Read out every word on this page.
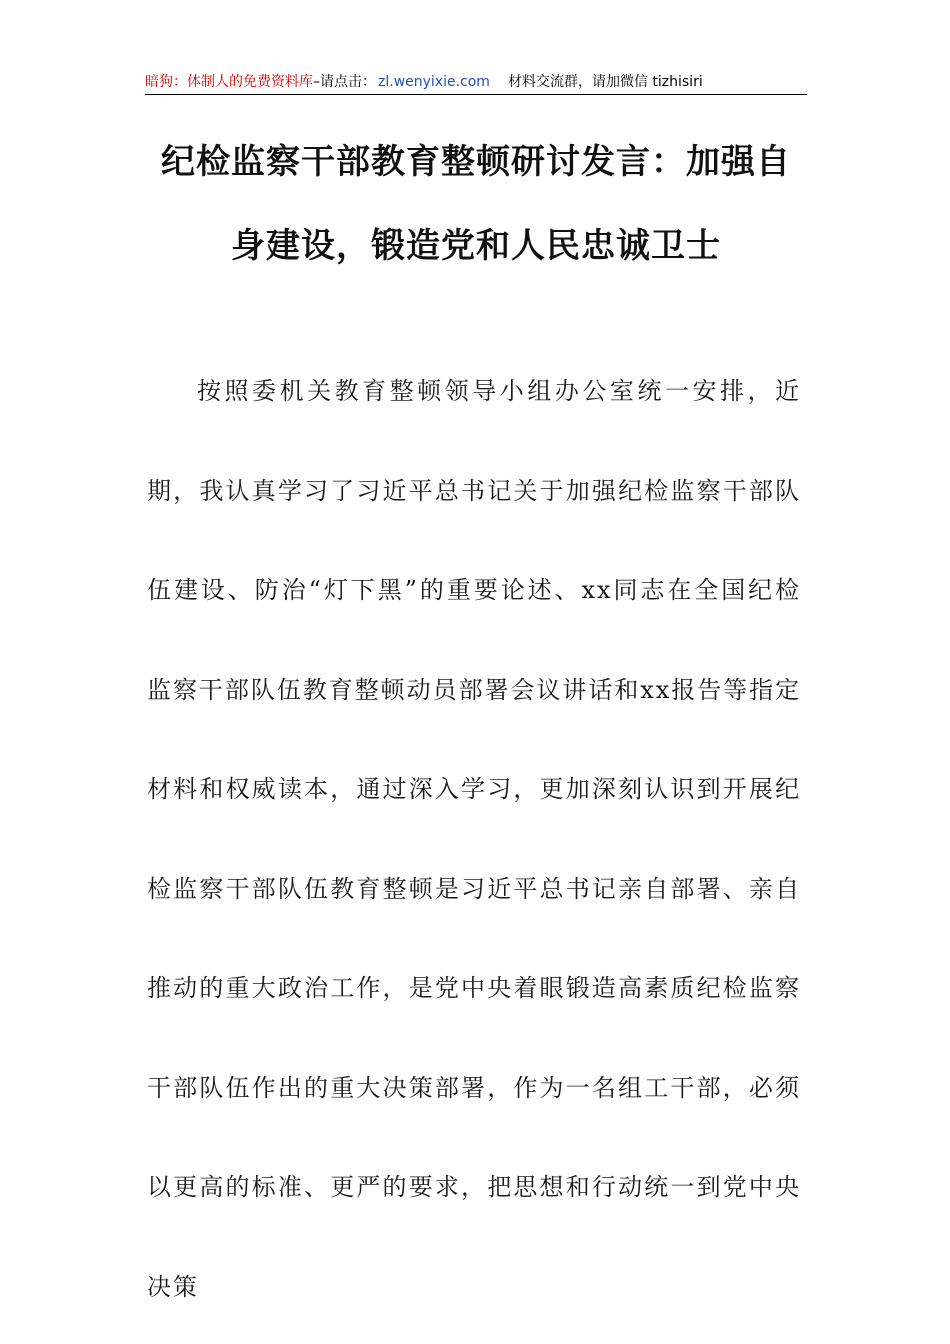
暗狗：体制人的免费资料库–请点击： zl.wenyixie.com 材料交流群，请加微信 tizhisiri
纪检监察干部教育整顿研讨发言：加强自身建设，锻造党和人民忠诚卫士

按照委机关教育整顿领导小组办公室统一安排，近期，我认真学习了习近平总书记关于加强纪检监察干部队伍建设、防治“灯下黑”的重要论述、xx同志在全国纪检监察干部队伍教育整顿动员部署会议讲话和xx报告等指定材料和权威读本，通过深入学习，更加深刻认识到开展纪检监察干部队伍教育整顿是习近平总书记亲自部署、亲自推动的重大政治工作，是党中央着眼锻造高素质纪检监察干部队伍作出的重大决策部署，作为一名组工干部，必须以更高的标准、更严的要求，把思想和行动统一到党中央决策
